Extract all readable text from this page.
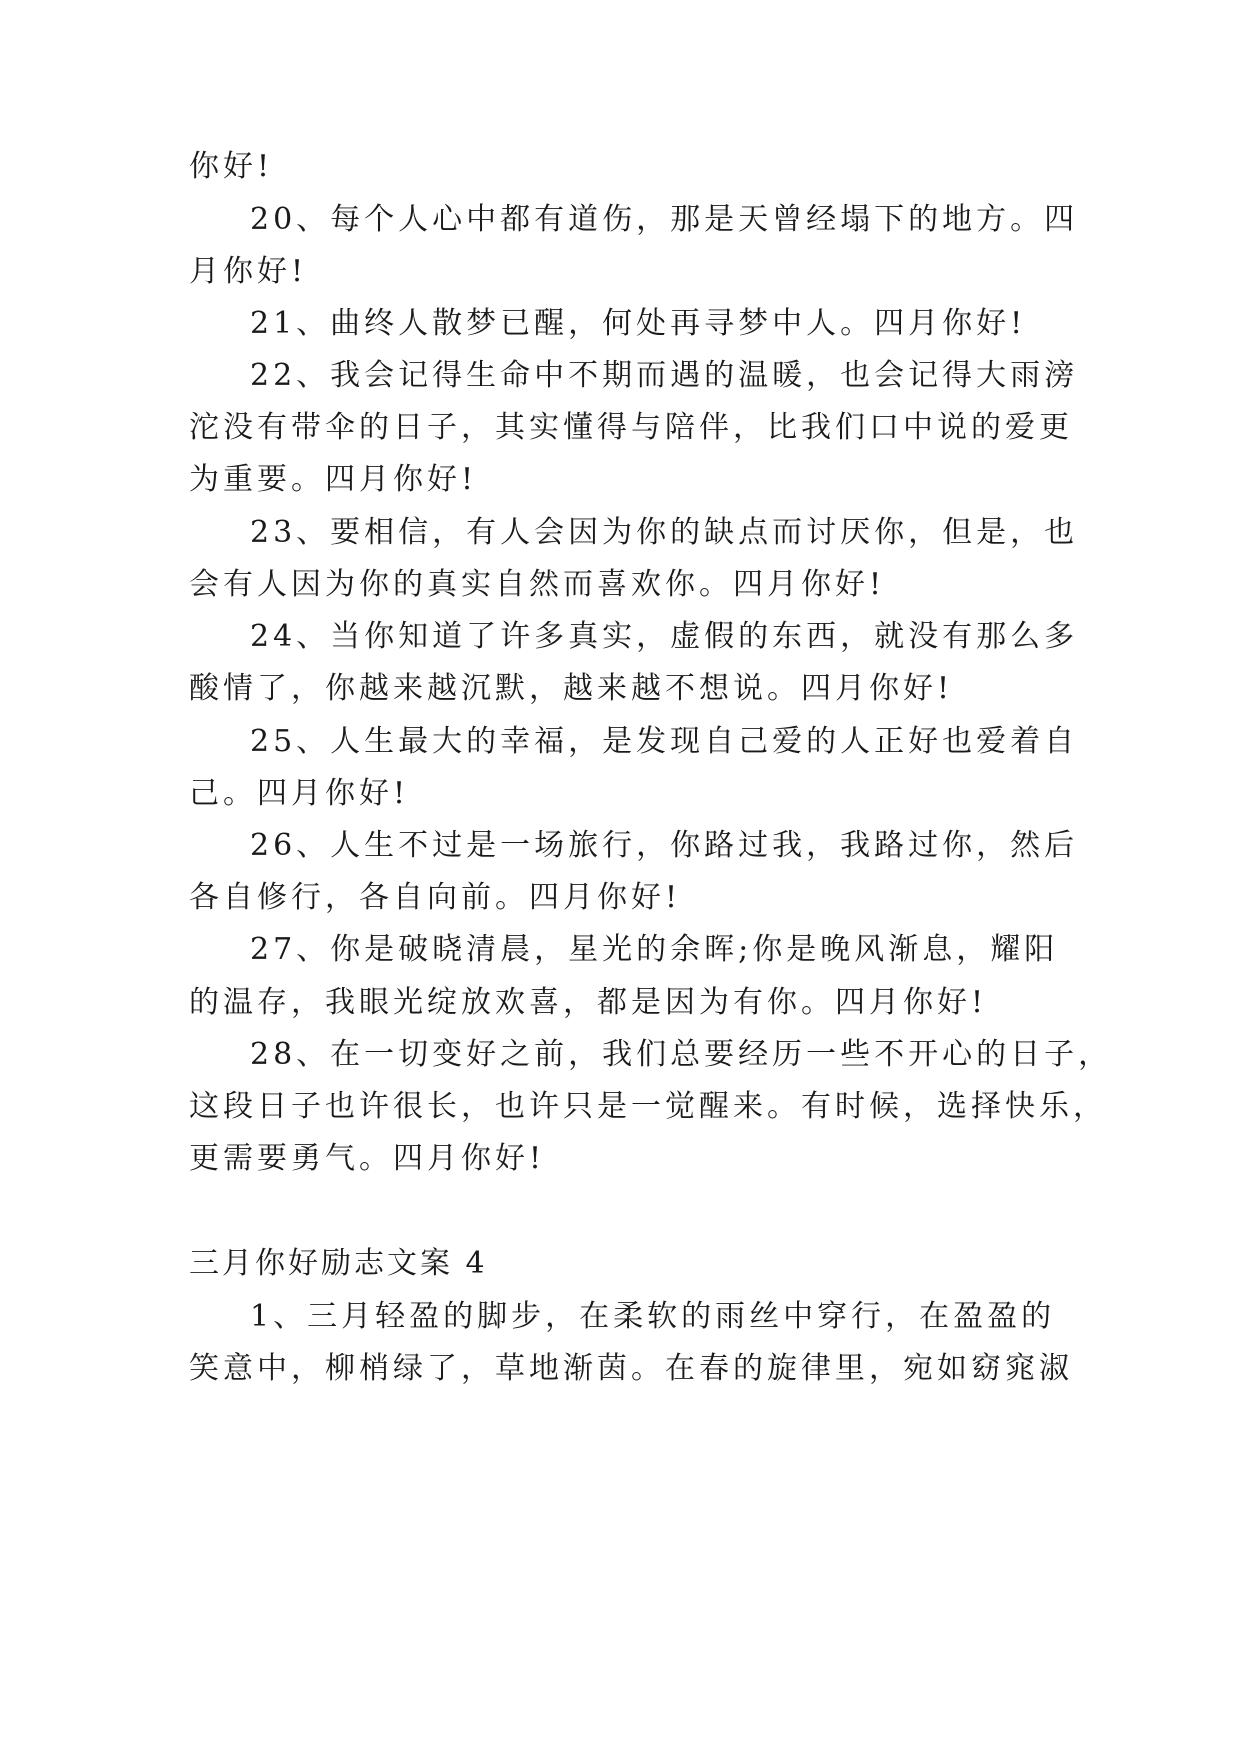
你好!
20、每个人心中都有道伤，那是天曾经塌下的地方。四
月你好!
21、曲终人散梦已醒，何处再寻梦中人。四月你好!
22、我会记得生命中不期而遇的温暖，也会记得大雨滂
沱没有带伞的日子，其实懂得与陪伴，比我们口中说的爱更
为重要。四月你好!
23、要相信，有人会因为你的缺点而讨厌你，但是，也
会有人因为你的真实自然而喜欢你。四月你好!
24、当你知道了许多真实，虚假的东西，就没有那么多
酸情了，你越来越沉默，越来越不想说。四月你好!
25、人生最大的幸福，是发现自己爱的人正好也爱着自
己。四月你好!
26、人生不过是一场旅行，你路过我，我路过你，然后
各自修行，各自向前。四月你好!
27、你是破晓清晨，星光的余晖;你是晚风渐息，耀阳
的温存，我眼光绽放欢喜，都是因为有你。四月你好!
28、在一切变好之前，我们总要经历一些不开心的日子，
这段日子也许很长，也许只是一觉醒来。有时候，选择快乐，
更需要勇气。四月你好!
三月你好励志文案 4
1、三月轻盈的脚步，在柔软的雨丝中穿行，在盈盈的
笑意中，柳梢绿了，草地渐茵。在春的旋律里，宛如窈窕淑
